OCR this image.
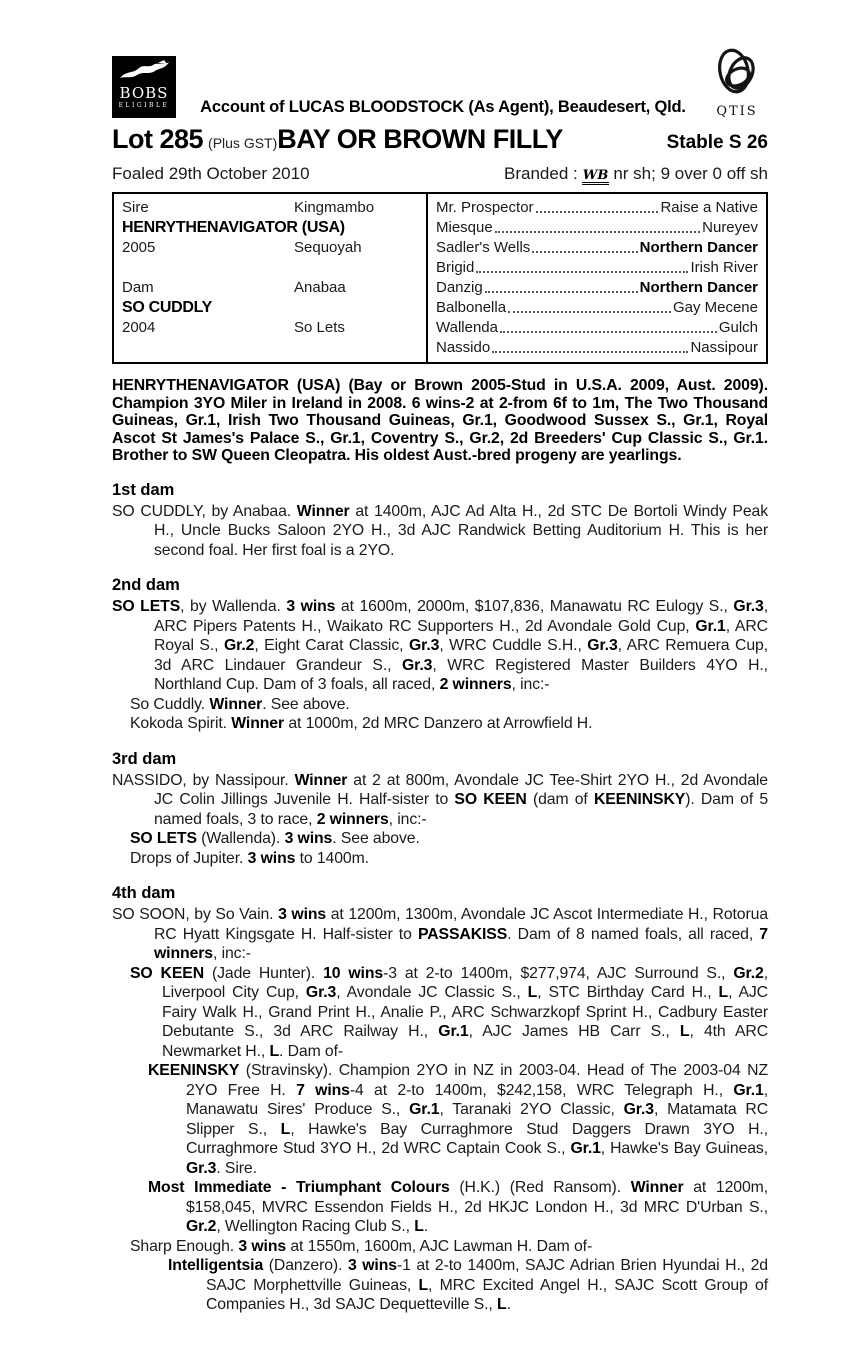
BOBS
ELIGIBLE	Account of LUCAS BLOODSTOCK (As Agent), Beaudesert, Qld.	QTIS
Lot 285 (Plus GST) BAY OR BROWN FILLY	Stable S 26
Foaled 29th October 2010	Branded : WB nr sh; 9 over 0 off sh
Sire	Kingmambo
HENRYTHENAVIGATOR (USA)
2005	Sequoyah
Dam	Anabaa
SO CUDDLY
2004	So Lets
Mr. Prospector	Raise a Native
Miesque	Nureyev
Sadler's Wells	Northern Dancer
Brigid	Irish River
Danzig	Northern Dancer
Balbonella	Gay Mecene
Wallenda	Gulch
Nassido	Nassipour

HENRYTHENAVIGATOR (USA) (Bay or Brown 2005-Stud in U.S.A. 2009, Aust. 2009). Champion 3YO Miler in Ireland in 2008. 6 wins-2 at 2-from 6f to 1m, The Two Thousand Guineas, Gr.1, Irish Two Thousand Guineas, Gr.1, Goodwood Sussex S., Gr.1, Royal Ascot St James's Palace S., Gr.1, Coventry S., Gr.2, 2d Breeders' Cup Classic S., Gr.1. Brother to SW Queen Cleopatra. His oldest Aust.-bred progeny are yearlings.

1st dam

SO CUDDLY, by Anabaa. Winner at 1400m, AJC Ad Alta H., 2d STC De Bortoli Windy Peak H., Uncle Bucks Saloon 2YO H., 3d AJC Randwick Betting Auditorium H. This is her second foal. Her first foal is a 2YO.

2nd dam

SO LETS, by Wallenda. 3 wins at 1600m, 2000m, $107,836, Manawatu RC Eulogy S., Gr.3, ARC Pipers Patents H., Waikato RC Supporters H., 2d Avondale Gold Cup, Gr.1, ARC Royal S., Gr.2, Eight Carat Classic, Gr.3, WRC Cuddle S.H., Gr.3, ARC Remuera Cup, 3d ARC Lindauer Grandeur S., Gr.3, WRC Registered Master Builders 4YO H., Northland Cup. Dam of 3 foals, all raced, 2 winners, inc:-

So Cuddly. Winner. See above.

Kokoda Spirit. Winner at 1000m, 2d MRC Danzero at Arrowfield H.

3rd dam

NASSIDO, by Nassipour. Winner at 2 at 800m, Avondale JC Tee-Shirt 2YO H., 2d Avondale JC Colin Jillings Juvenile H. Half-sister to SO KEEN (dam of KEENINSKY). Dam of 5 named foals, 3 to race, 2 winners, inc:-

SO LETS (Wallenda). 3 wins. See above.

Drops of Jupiter. 3 wins to 1400m.

4th dam

SO SOON, by So Vain. 3 wins at 1200m, 1300m, Avondale JC Ascot Intermediate H., Rotorua RC Hyatt Kingsgate H. Half-sister to PASSAKISS. Dam of 8 named foals, all raced, 7 winners, inc:-

SO KEEN (Jade Hunter). 10 wins-3 at 2-to 1400m, $277,974, AJC Surround S., Gr.2, Liverpool City Cup, Gr.3, Avondale JC Classic S., L, STC Birthday Card H., L, AJC Fairy Walk H., Grand Print H., Analie P., ARC Schwarzkopf Sprint H., Cadbury Easter Debutante S., 3d ARC Railway H., Gr.1, AJC James HB Carr S., L, 4th ARC Newmarket H., L. Dam of-

KEENINSKY (Stravinsky). Champion 2YO in NZ in 2003-04. Head of The 2003-04 NZ 2YO Free H. 7 wins-4 at 2-to 1400m, $242,158, WRC Telegraph H., Gr.1, Manawatu Sires' Produce S., Gr.1, Taranaki 2YO Classic, Gr.3, Matamata RC Slipper S., L, Hawke's Bay Curraghmore Stud Daggers Drawn 3YO H., Curraghmore Stud 3YO H., 2d WRC Captain Cook S., Gr.1, Hawke's Bay Guineas, Gr.3. Sire.

Most Immediate - Triumphant Colours (H.K.) (Red Ransom). Winner at 1200m, $158,045, MVRC Essendon Fields H., 2d HKJC London H., 3d MRC D'Urban S., Gr.2, Wellington Racing Club S., L.

Sharp Enough. 3 wins at 1550m, 1600m, AJC Lawman H. Dam of-

Intelligentsia (Danzero). 3 wins-1 at 2-to 1400m, SAJC Adrian Brien Hyundai H., 2d SAJC Morphettville Guineas, L, MRC Excited Angel H., SAJC Scott Group of Companies H., 3d SAJC Dequetteville S., L.
